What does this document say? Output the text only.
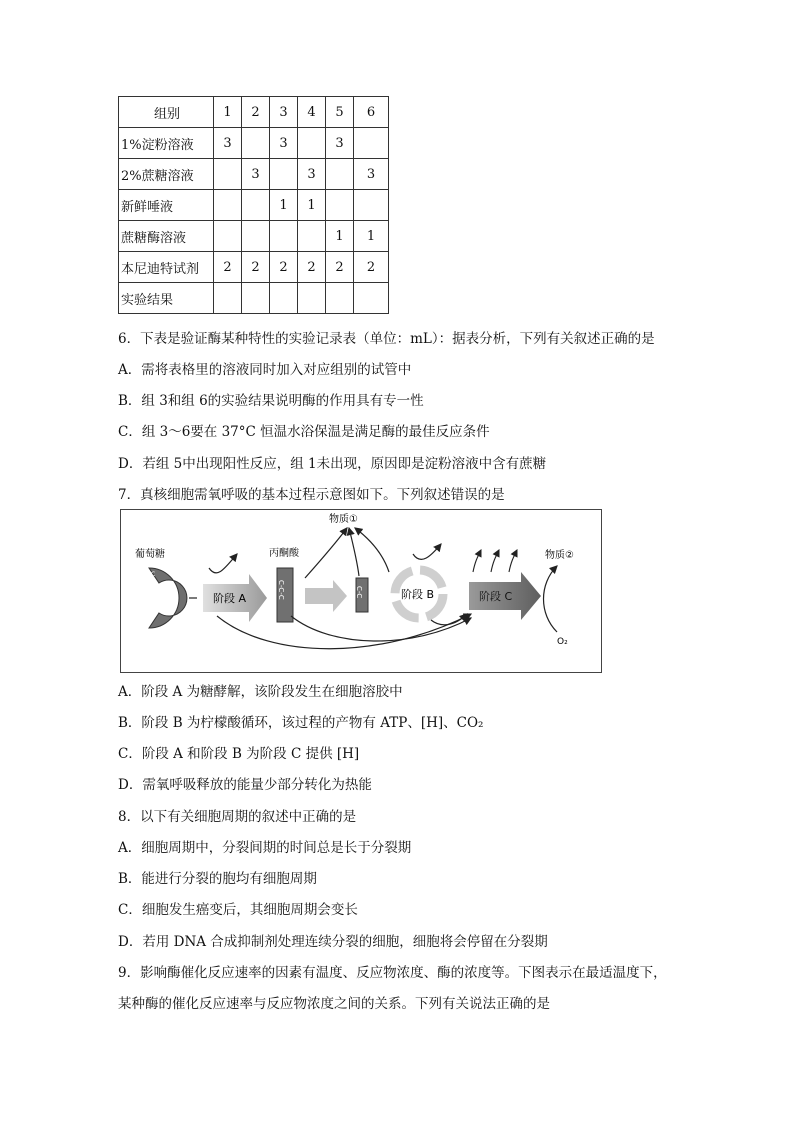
组别	1	2	3	4	5	6
1%淀粉溶液	3		3		3	
2%蔗糖溶液		3		3		3
新鲜唾液			1	1		
蔗糖酶溶液					1	1
本尼迪特试剂	2	2	2	2	2	2
实验结果						
6．下表是验证酶某种特性的实验记录表（单位：mL）：据表分析，下列有关叙述正确的是
A．需将表格里的溶液同时加入对应组别的试管中
B．组 3和组 6的实验结果说明酶的作用具有专一性
C．组 3～6要在 37°C 恒温水浴保温是满足酶的最佳反应条件
D．若组 5中出现阳性反应，组 1未出现，原因即是淀粉溶液中含有蔗糖
7．真核细胞需氧呼吸的基本过程示意图如下。下列叙述错误的是
葡萄糖
C
C
C
C
阶段 A
丙酮酸
C-C-C	C-C
物质①
阶段 B	阶段 C
物质②
O₂
A．阶段 A 为糖酵解，该阶段发生在细胞溶胶中
B．阶段 B 为柠檬酸循环，该过程的产物有 ATP、[H]、CO₂
C．阶段 A 和阶段 B 为阶段 C 提供 [H]
D．需氧呼吸释放的能量少部分转化为热能
8．以下有关细胞周期的叙述中正确的是
A．细胞周期中，分裂间期的时间总是长于分裂期
B．能进行分裂的胞均有细胞周期
C．细胞发生癌变后，其细胞周期会变长
D．若用 DNA 合成抑制剂处理连续分裂的细胞，细胞将会停留在分裂期
9．影响酶催化反应速率的因素有温度、反应物浓度、酶的浓度等。下图表示在最适温度下，
某种酶的催化反应速率与反应物浓度之间的关系。下列有关说法正确的是
